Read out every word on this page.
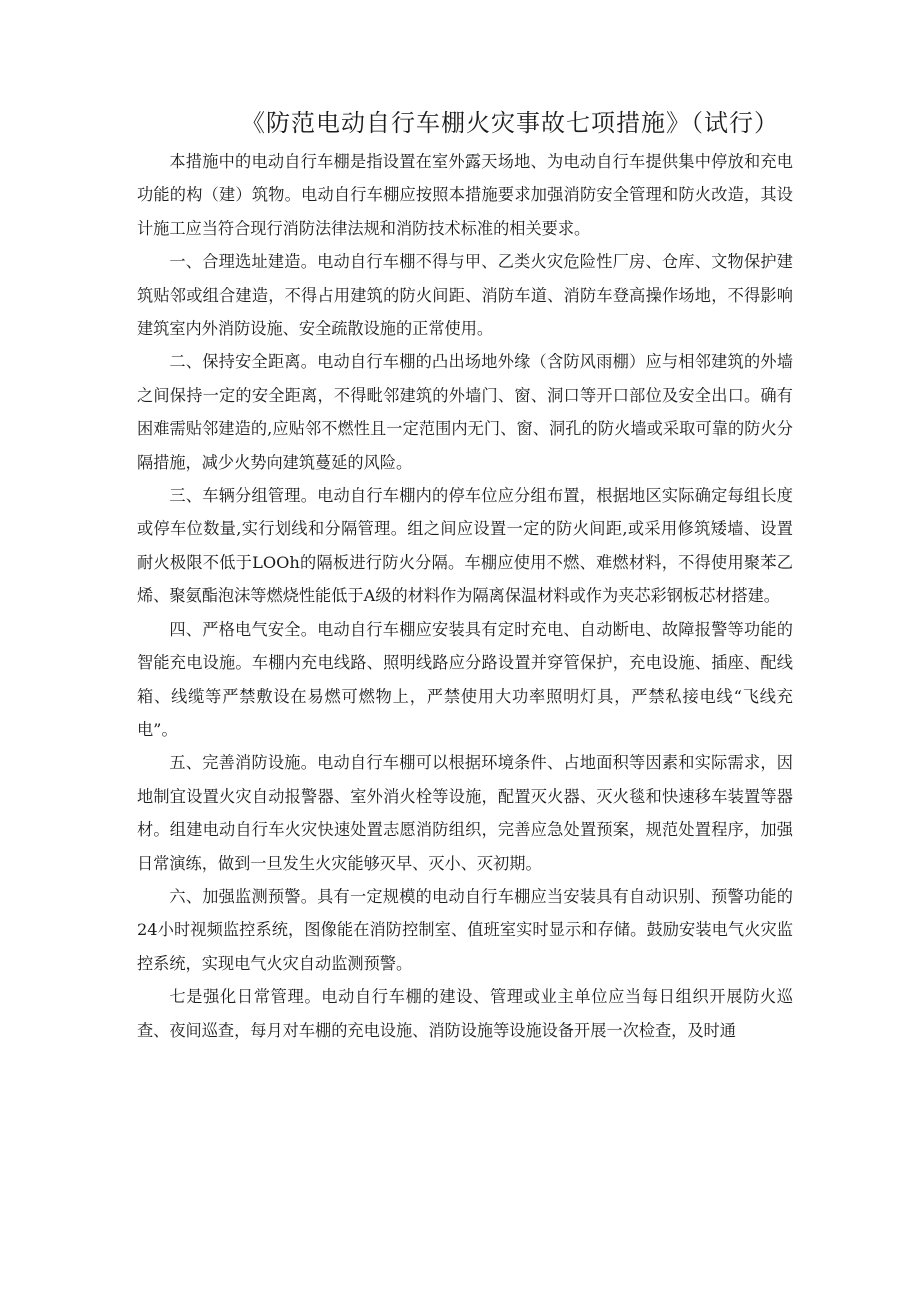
《防范电动自行车棚火灾事故七项措施》（试行）

本措施中的电动自行车棚是指设置在室外露天场地、为电动自行车提供集中停放和充电功能的构（建）筑物。电动自行车棚应按照本措施要求加强消防安全管理和防火改造，其设计施工应当符合现行消防法律法规和消防技术标准的相关要求。

一、合理选址建造。电动自行车棚不得与甲、乙类火灾危险性厂房、仓库、文物保护建筑贴邻或组合建造，不得占用建筑的防火间距、消防车道、消防车登高操作场地，不得影响建筑室内外消防设施、安全疏散设施的正常使用。

二、保持安全距离。电动自行车棚的凸出场地外缘（含防风雨棚）应与相邻建筑的外墙之间保持一定的安全距离，不得毗邻建筑的外墙门、窗、洞口等开口部位及安全出口。确有困难需贴邻建造的,应贴邻不燃性且一定范围内无门、窗、洞孔的防火墙或采取可靠的防火分隔措施，减少火势向建筑蔓延的风险。

三、车辆分组管理。电动自行车棚内的停车位应分组布置，根据地区实际确定每组长度或停车位数量,实行划线和分隔管理。组之间应设置一定的防火间距,或采用修筑矮墙、设置耐火极限不低于LOOh的隔板进行防火分隔。车棚应使用不燃、难燃材料，不得使用聚苯乙烯、聚氨酯泡沫等燃烧性能低于A级的材料作为隔离保温材料或作为夹芯彩钢板芯材搭建。

四、严格电气安全。电动自行车棚应安装具有定时充电、自动断电、故障报警等功能的智能充电设施。车棚内充电线路、照明线路应分路设置并穿管保护，充电设施、插座、配线箱、线缆等严禁敷设在易燃可燃物上，严禁使用大功率照明灯具，严禁私接电线“飞线充电”。

五、完善消防设施。电动自行车棚可以根据环境条件、占地面积等因素和实际需求，因地制宜设置火灾自动报警器、室外消火栓等设施，配置灭火器、灭火毯和快速移车装置等器材。组建电动自行车火灾快速处置志愿消防组织，完善应急处置预案，规范处置程序，加强日常演练，做到一旦发生火灾能够灭早、灭小、灭初期。

六、加强监测预警。具有一定规模的电动自行车棚应当安装具有自动识别、预警功能的24小时视频监控系统，图像能在消防控制室、值班室实时显示和存储。鼓励安装电气火灾监控系统，实现电气火灾自动监测预警。

七是强化日常管理。电动自行车棚的建设、管理或业主单位应当每日组织开展防火巡查、夜间巡查，每月对车棚的充电设施、消防设施等设施设备开展一次检查，及时通
